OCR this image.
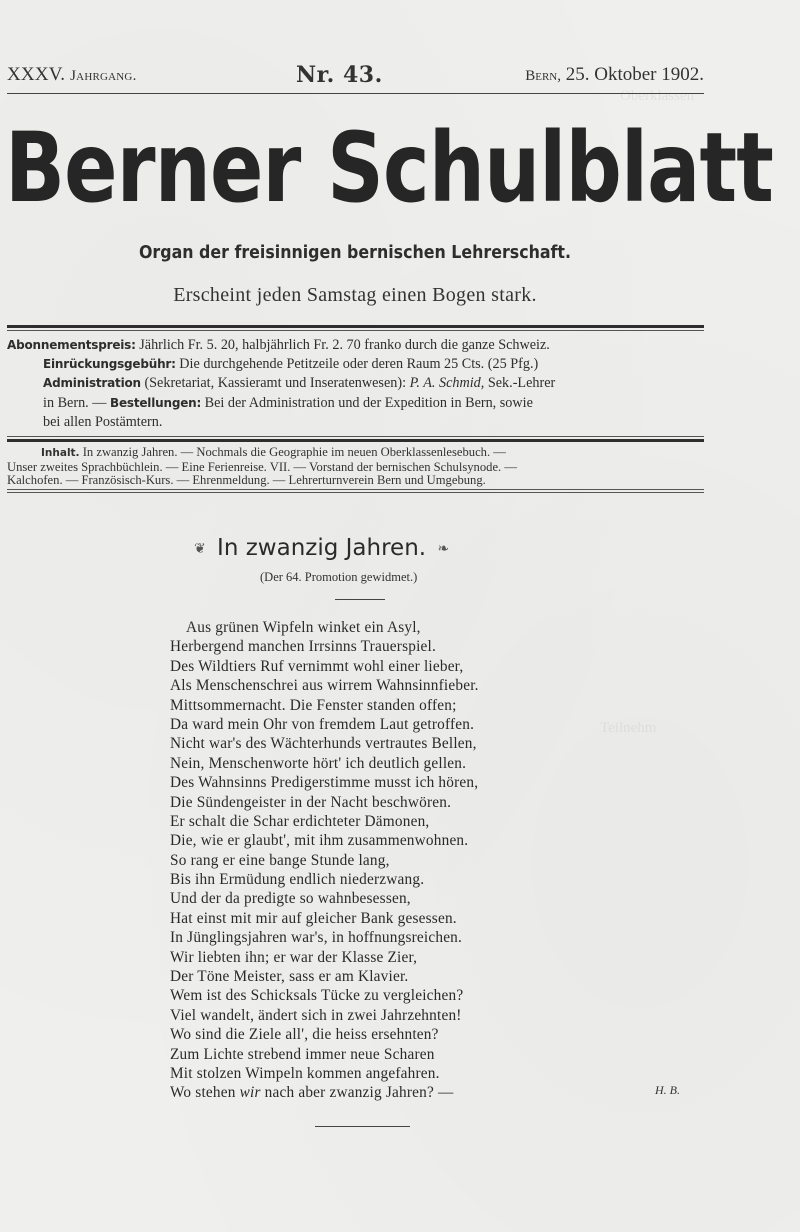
Oberklassen
Teilnehm
XXXV. Jahrgang.	Nr. 43.	Bern, 25. Oktober 1902.
Berner Schulblatt
Organ der freisinnigen bernischen Lehrerschaft.
Erscheint jeden Samstag einen Bogen stark.

Abonnementspreis: Jährlich Fr. 5. 20, halbjährlich Fr. 2. 70 franko durch die ganze Schweiz.

Einrückungsgebühr: Die durchgehende Petitzeile oder deren Raum 25 Cts. (25 Pfg.)

Administration (Sekretariat, Kassieramt und Inseratenwesen): P. A. Schmid, Sek.-Lehrer

in Bern. — Bestellungen: Bei der Administration und der Expedition in Bern, sowie

bei allen Postämtern.

Inhalt. In zwanzig Jahren. — Nochmals die Geographie im neuen Oberklassenlesebuch. —

Unser zweites Sprachbüchlein. — Eine Ferienreise. VII. — Vorstand der bernischen Schulsynode. —

Kalchofen. — Französisch-Kurs. — Ehrenmeldung. — Lehrerturnverein Bern und Umgebung.

❦ In zwanzig Jahren. ❧
(Der 64. Promotion gewidmet.)
Aus grünen Wipfeln winket ein Asyl,
Herbergend manchen Irrsinns Trauerspiel.
Des Wildtiers Ruf vernimmt wohl einer lieber,
Als Menschenschrei aus wirrem Wahnsinnfieber.
Mittsommernacht. Die Fenster standen offen;
Da ward mein Ohr von fremdem Laut getroffen.
Nicht war's des Wächterhunds vertrautes Bellen,
Nein, Menschenworte hört' ich deutlich gellen.
Des Wahnsinns Predigerstimme musst ich hören,
Die Sündengeister in der Nacht beschwören.
Er schalt die Schar erdichteter Dämonen,
Die, wie er glaubt', mit ihm zusammenwohnen.
So rang er eine bange Stunde lang,
Bis ihn Ermüdung endlich niederzwang.
Und der da predigte so wahnbesessen,
Hat einst mit mir auf gleicher Bank gesessen.
In Jünglingsjahren war's, in hoffnungsreichen.
Wir liebten ihn; er war der Klasse Zier,
Der Töne Meister, sass er am Klavier.
Wem ist des Schicksals Tücke zu vergleichen?
Viel wandelt, ändert sich in zwei Jahrzehnten!
Wo sind die Ziele all', die heiss ersehnten?
Zum Lichte strebend immer neue Scharen
Mit stolzen Wimpeln kommen angefahren.
Wo stehen wir nach aber zwanzig Jahren? —	H. B.
